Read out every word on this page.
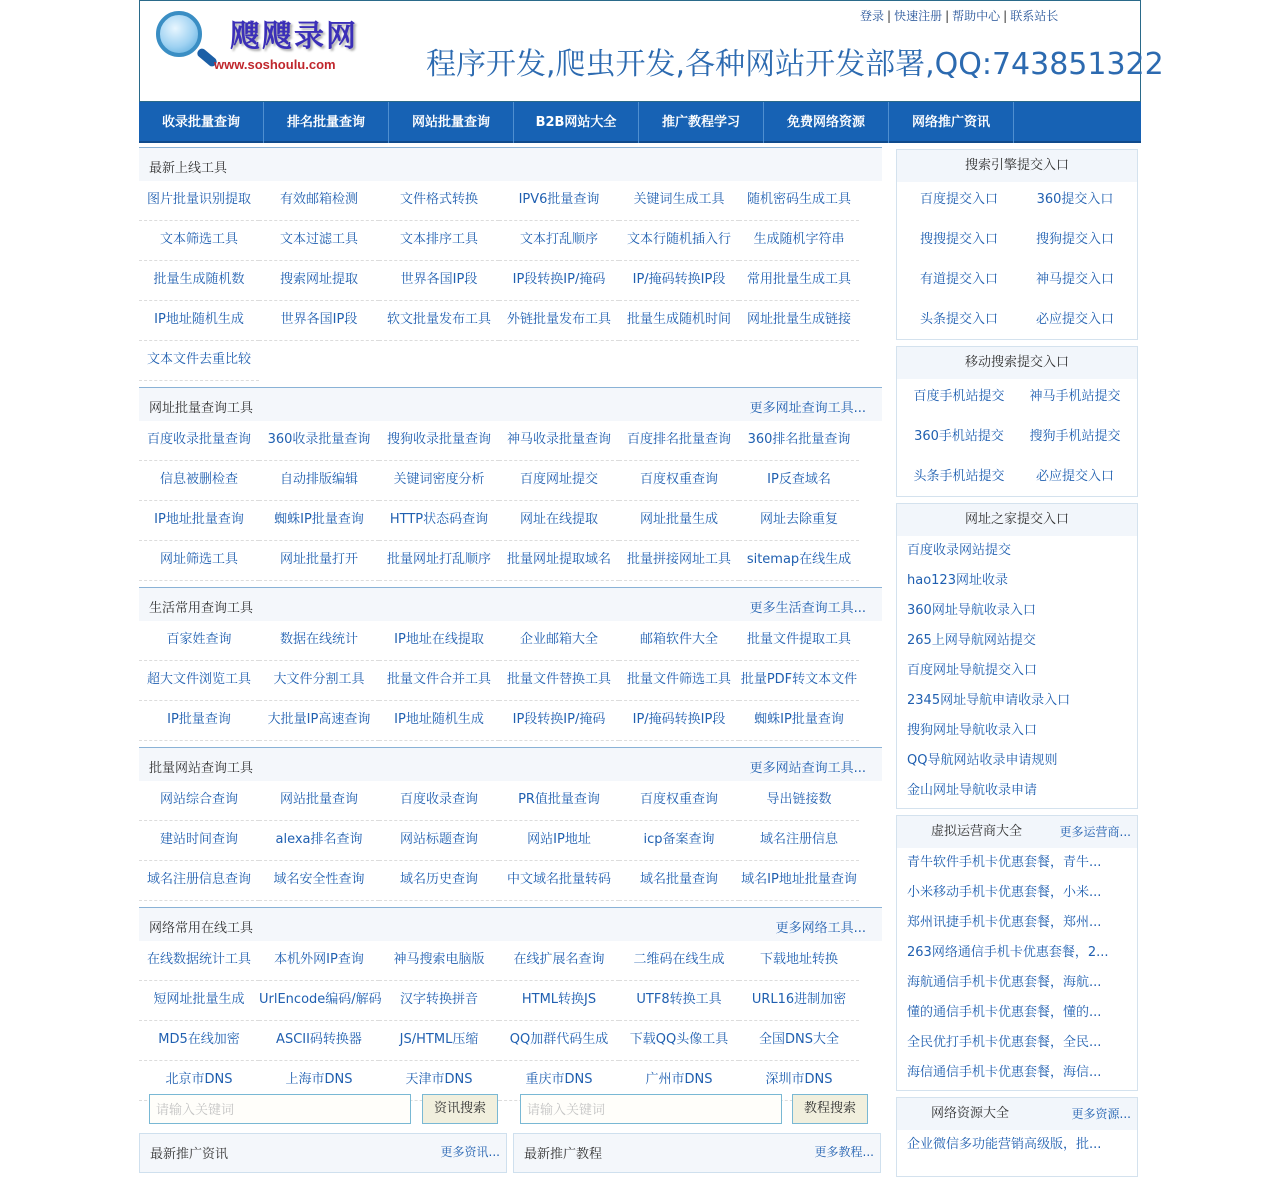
飕飕录网
www.soshoulu.com
登录 | 快速注册 | 帮助中心 | 联系站长
程序开发,爬虫开发,各种网站开发部署,QQ:743851322
收录批量查询	排名批量查询	网站批量查询	B2B网站大全	推广教程学习	免费网络资源	网络推广资讯
最新上线工具
图片批量识别提取	有效邮箱检测	文件格式转换	IPV6批量查询	关键词生成工具	随机密码生成工具
文本筛选工具	文本过滤工具	文本排序工具	文本打乱顺序	文本行随机插入行	生成随机字符串
批量生成随机数	搜索网址提取	世界各国IP段	IP段转换IP/掩码	IP/掩码转换IP段	常用批量生成工具
IP地址随机生成	世界各国IP段	软文批量发布工具	外链批量发布工具	批量生成随机时间	网址批量生成链接
文本文件去重比较
网址批量查询工具	更多网址查询工具...
百度收录批量查询	360收录批量查询	搜狗收录批量查询	神马收录批量查询	百度排名批量查询	360排名批量查询
信息被删检查	自动排版编辑	关键词密度分析	百度网址提交	百度权重查询	IP反查域名
IP地址批量查询	蜘蛛IP批量查询	HTTP状态码查询	网址在线提取	网址批量生成	网址去除重复
网址筛选工具	网址批量打开	批量网址打乱顺序	批量网址提取域名	批量拼接网址工具	sitemap在线生成
生活常用查询工具	更多生活查询工具...
百家姓查询	数据在线统计	IP地址在线提取	企业邮箱大全	邮箱软件大全	批量文件提取工具
超大文件浏览工具	大文件分割工具	批量文件合并工具	批量文件替换工具	批量文件筛选工具 批量PDF转文本文件
IP批量查询	大批量IP高速查询	IP地址随机生成	IP段转换IP/掩码	IP/掩码转换IP段	蜘蛛IP批量查询
批量网站查询工具	更多网站查询工具...
网站综合查询	网站批量查询	百度收录查询	PR值批量查询	百度权重查询	导出链接数
建站时间查询	alexa排名查询	网站标题查询	网站IP地址	icp备案查询	域名注册信息
域名注册信息查询	域名安全性查询	域名历史查询	中文域名批量转码	域名批量查询	域名IP地址批量查询
网络常用在线工具	更多网络工具...
在线数据统计工具	本机外网IP查询	神马搜索电脑版	在线扩展名查询	二维码在线生成	下载地址转换
短网址批量生成	UrlEncode编码/解码	汉字转换拼音	HTML转换JS	UTF8转换工具	URL16进制加密
MD5在线加密	ASCII码转换器	JS/HTML压缩	QQ加群代码生成	下载QQ头像工具	全国DNS大全
北京市DNS	上海市DNS	天津市DNS	重庆市DNS	广州市DNS	深圳市DNS
请输入关键词
资讯搜索
请输入关键词	教程搜索
最新推广资讯	更多资讯... 最新推广教程	更多教程...
搜索引擎提交入口
百度提交入口	360提交入口
搜搜提交入口	搜狗提交入口
有道提交入口	神马提交入口
头条提交入口	必应提交入口
移动搜索提交入口
百度手机站提交	神马手机站提交
360手机站提交	搜狗手机站提交
头条手机站提交	必应提交入口
网址之家提交入口
百度收录网站提交
hao123网址收录
360网址导航收录入口
265上网导航网站提交
百度网址导航提交入口
2345网址导航申请收录入口
搜狗网址导航收录入口
QQ导航网站收录申请规则
金山网址导航收录申请
虚拟运营商大全	更多运营商...
青牛软件手机卡优惠套餐，青牛...
小米移动手机卡优惠套餐，小米...
郑州讯捷手机卡优惠套餐，郑州...
263网络通信手机卡优惠套餐，2...
海航通信手机卡优惠套餐，海航...
懂的通信手机卡优惠套餐，懂的...
全民优打手机卡优惠套餐，全民...
海信通信手机卡优惠套餐，海信...
网络资源大全	更多资源...
企业微信多功能营销高级版，批...
